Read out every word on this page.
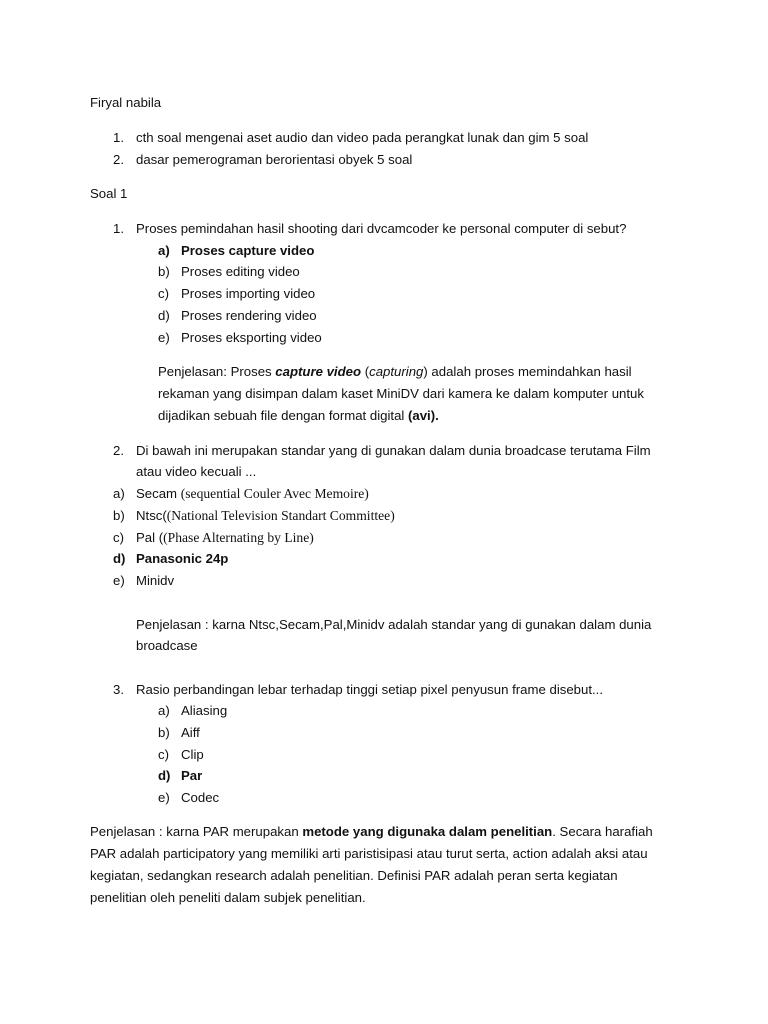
Firyal nabila
1. cth soal mengenai aset audio dan video pada perangkat lunak dan gim 5 soal
2. dasar pemerograman berorientasi obyek 5 soal
Soal 1
1. Proses pemindahan hasil shooting dari dvcamcoder ke personal computer di sebut?
a) Proses capture video
b) Proses editing video
c) Proses importing video
d) Proses rendering video
e) Proses eksporting video
Penjelasan: Proses capture video (capturing) adalah proses memindahkan hasil
rekaman yang disimpan dalam kaset MiniDV dari kamera ke dalam komputer untuk
dijadikan sebuah file dengan format digital (avi).
2. Di bawah ini merupakan standar yang di gunakan dalam dunia broadcase terutama Film
atau video kecuali ...
a) Secam (sequential Couler Avec Memoire)
b) Ntsc((National Television Standart Committee)
c) Pal ((Phase Alternating by Line)
d) Panasonic 24p
e) Minidv
Penjelasan : karna Ntsc,Secam,Pal,Minidv adalah standar yang di gunakan dalam dunia
broadcase
3. Rasio perbandingan lebar terhadap tinggi setiap pixel penyusun frame disebut...
a) Aliasing
b) Aiff
c) Clip
d) Par
e) Codec
Penjelasan : karna PAR merupakan metode yang digunaka dalam penelitian. Secara harafiah
PAR adalah participatory yang memiliki arti paristisipasi atau turut serta, action adalah aksi atau
kegiatan, sedangkan research adalah penelitian. Definisi PAR adalah peran serta kegiatan
penelitian oleh peneliti dalam subjek penelitian.
